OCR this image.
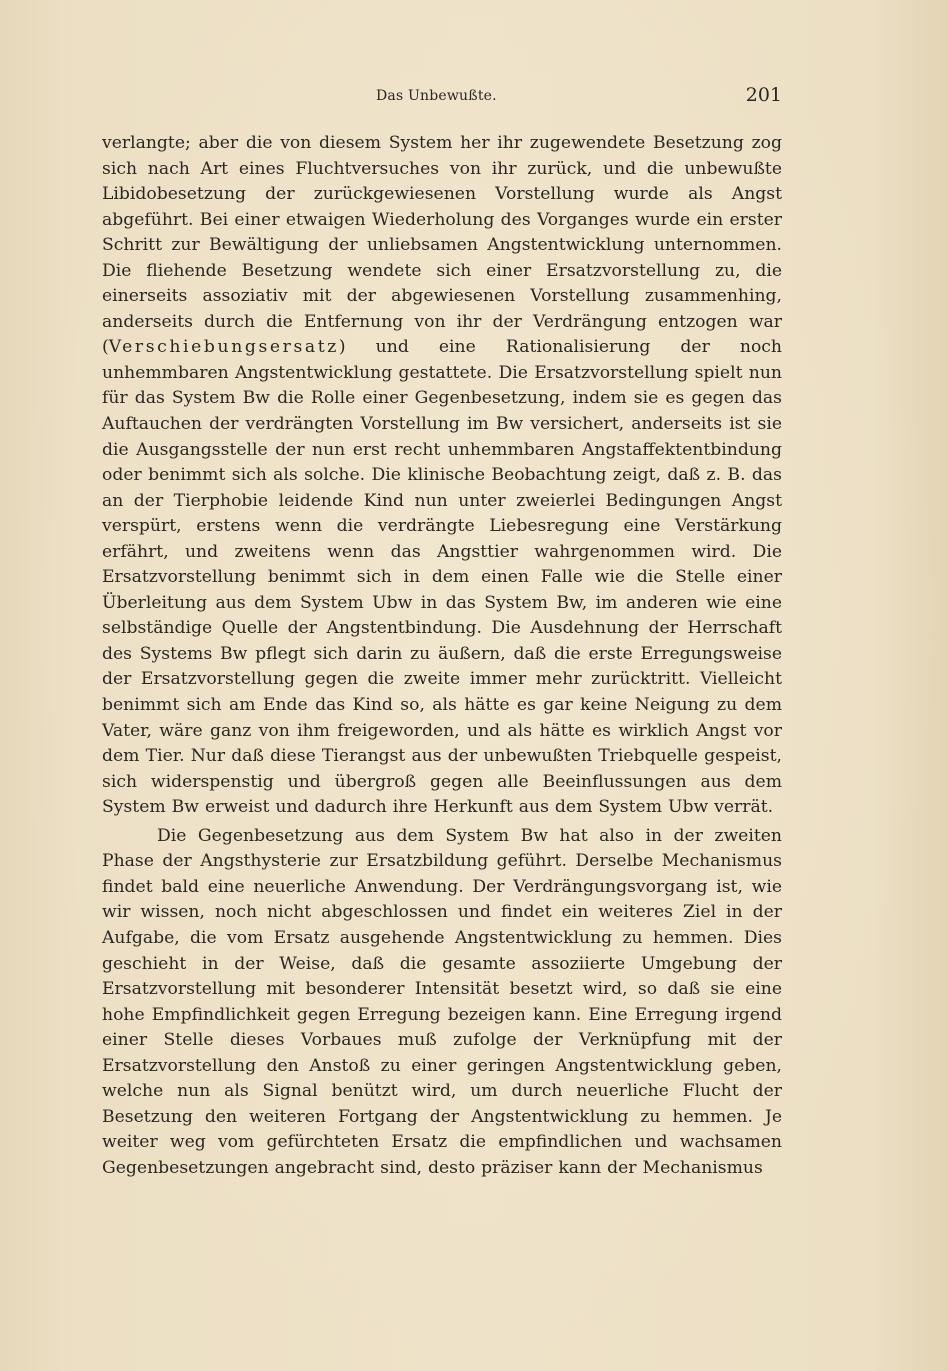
Das Unbewußte.	201

verlangte; aber die von diesem System her ihr zugewendete Besetzung zog sich nach Art eines Fluchtversuches von ihr zurück, und die unbewußte Libidobesetzung der zurückgewiesenen Vorstellung wurde als Angst abgeführt. Bei einer etwaigen Wiederholung des Vorganges wurde ein erster Schritt zur Bewältigung der unliebsamen Angstentwicklung unternommen. Die fliehende Besetzung wendete sich einer Ersatzvorstellung zu, die einerseits assoziativ mit der abgewiesenen Vorstellung zusammenhing, anderseits durch die Entfernung von ihr der Verdrängung entzogen war (Verschiebungsersatz) und eine Rationalisierung der noch unhemmbaren Angstentwicklung gestattete. Die Ersatzvorstellung spielt nun für das System Bw die Rolle einer Gegenbesetzung, indem sie es gegen das Auftauchen der verdrängten Vorstellung im Bw versichert, anderseits ist sie die Ausgangsstelle der nun erst recht unhemmbaren Angstaffektentbindung oder benimmt sich als solche. Die klinische Beobachtung zeigt, daß z. B. das an der Tierphobie leidende Kind nun unter zweierlei Bedingungen Angst verspürt, erstens wenn die verdrängte Liebesregung eine Verstärkung erfährt, und zweitens wenn das Angsttier wahrgenommen wird. Die Ersatzvorstellung benimmt sich in dem einen Falle wie die Stelle einer Überleitung aus dem System Ubw in das System Bw, im anderen wie eine selbständige Quelle der Angstentbindung. Die Ausdehnung der Herrschaft des Systems Bw pflegt sich darin zu äußern, daß die erste Erregungsweise der Ersatzvorstellung gegen die zweite immer mehr zurücktritt. Vielleicht benimmt sich am Ende das Kind so, als hätte es gar keine Neigung zu dem Vater, wäre ganz von ihm freigeworden, und als hätte es wirklich Angst vor dem Tier. Nur daß diese Tierangst aus der unbewußten Triebquelle gespeist, sich widerspenstig und übergroß gegen alle Beeinflussungen aus dem System Bw erweist und dadurch ihre Herkunft aus dem System Ubw verrät.

Die Gegenbesetzung aus dem System Bw hat also in der zweiten Phase der Angsthysterie zur Ersatzbildung geführt. Derselbe Mechanismus findet bald eine neuerliche Anwendung. Der Verdrängungsvorgang ist, wie wir wissen, noch nicht abgeschlossen und findet ein weiteres Ziel in der Aufgabe, die vom Ersatz ausgehende Angstentwicklung zu hemmen. Dies geschieht in der Weise, daß die gesamte assoziierte Umgebung der Ersatzvorstellung mit besonderer Intensität besetzt wird, so daß sie eine hohe Empfindlichkeit gegen Erregung bezeigen kann. Eine Erregung irgend einer Stelle dieses Vorbaues muß zufolge der Verknüpfung mit der Ersatzvorstellung den Anstoß zu einer geringen Angstentwicklung geben, welche nun als Signal benützt wird, um durch neuerliche Flucht der Besetzung den weiteren Fortgang der Angstentwicklung zu hemmen. Je weiter weg vom gefürchteten Ersatz die empfindlichen und wachsamen Gegenbesetzungen angebracht sind, desto präziser kann der Mechanismus
